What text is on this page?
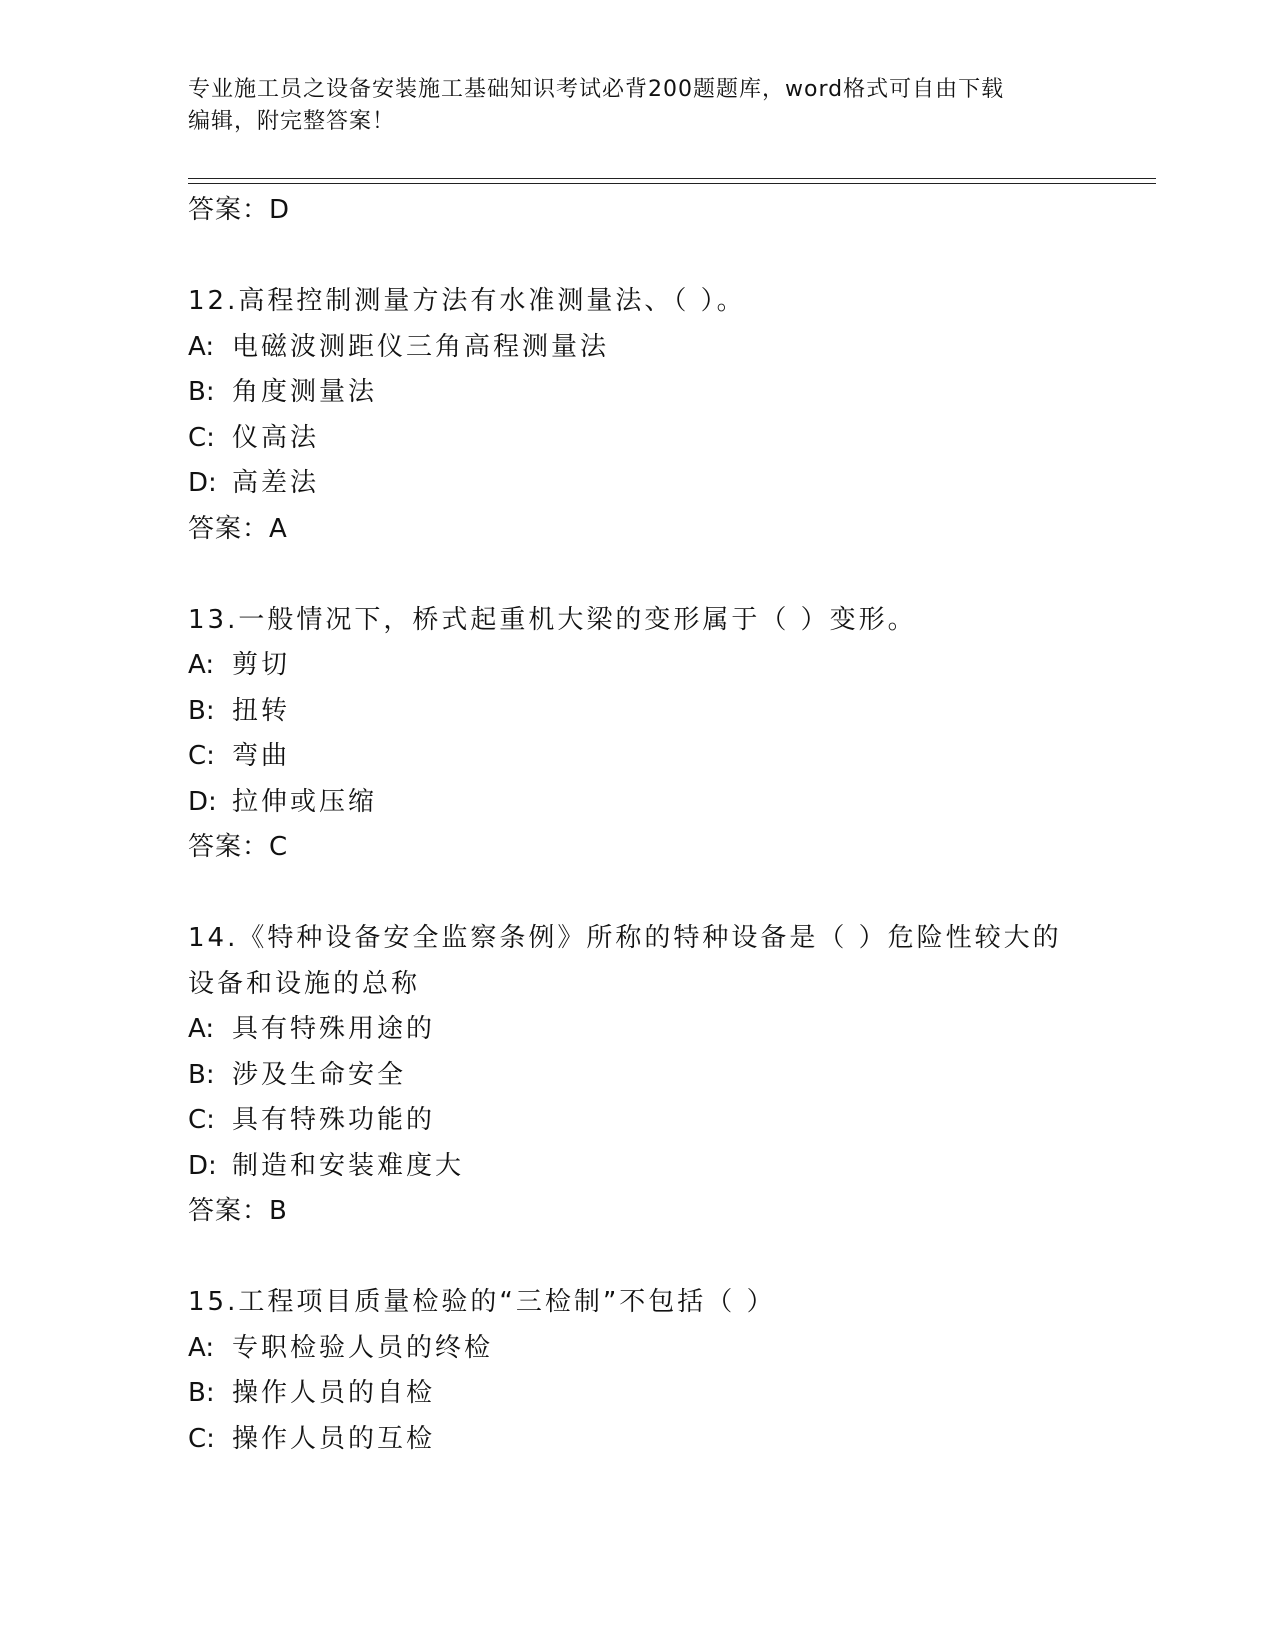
专业施工员之设备安装施工基础知识考试必背200题题库，word格式可自由下载
编辑，附完整答案！
答案：D
12.高程控制测量方法有水准测量法、（ ）。
A: 电磁波测距仪三角高程测量法
B: 角度测量法
C: 仪高法
D: 高差法
答案：A
13.一般情况下，桥式起重机大梁的变形属于（ ）变形。
A: 剪切
B: 扭转
C: 弯曲
D: 拉伸或压缩
答案：C
14.《特种设备安全监察条例》所称的特种设备是（ ）危险性较大的设备和设施的总称
A: 具有特殊用途的
B: 涉及生命安全
C: 具有特殊功能的
D: 制造和安装难度大
答案：B
15.工程项目质量检验的“三检制”不包括（ ）
A: 专职检验人员的终检
B: 操作人员的自检
C: 操作人员的互检
